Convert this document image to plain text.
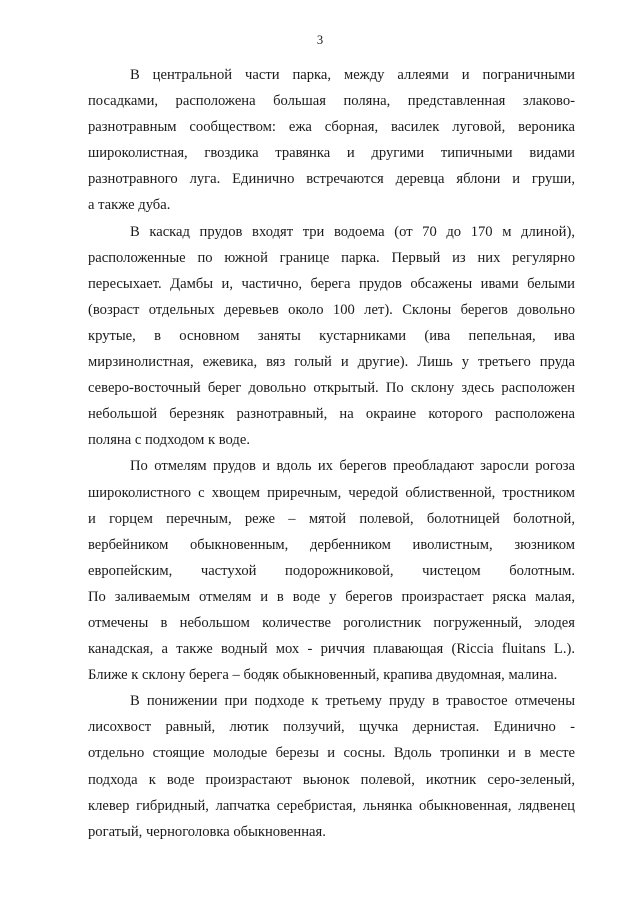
3
В центральной части парка, между аллеями и пограничными
посадками, расположена большая поляна, представленная злаково-
разнотравным сообществом: ежа сборная, василек луговой, вероника
широколистная, гвоздика травянка и другими типичными видами
разнотравного луга. Единично встречаются деревца яблони и груши,
а также дуба.
В каскад прудов входят три водоема (от 70 до 170 м длиной),
расположенные по южной границе парка. Первый из них регулярно
пересыхает. Дамбы и, частично, берега прудов обсажены ивами белыми
(возраст отдельных деревьев около 100 лет). Склоны берегов довольно
крутые, в основном заняты кустарниками (ива пепельная, ива
мирзинолистная, ежевика, вяз голый и другие). Лишь у третьего пруда
северо-восточный берег довольно открытый. По склону здесь расположен
небольшой березняк разнотравный, на окраине которого расположена
поляна с подходом к воде.
По отмелям прудов и вдоль их берегов преобладают заросли рогоза
широколистного с хвощем приречным, чередой облиственной, тростником
и горцем перечным, реже – мятой полевой, болотницей болотной,
вербейником обыкновенным, дербенником иволистным, зюзником
европейским, частухой подорожниковой, чистецом болотным.
По заливаемым отмелям и в воде у берегов произрастает ряска малая,
отмечены в небольшом количестве роголистник погруженный, элодея
канадская, а также водный мох - риччия плавающая (Riccia fluitans L.).
Ближе к склону берега – бодяк обыкновенный, крапива двудомная, малина.
В понижении при подходе к третьему пруду в травостое отмечены
лисохвост равный, лютик ползучий, щучка дернистая. Единично -
отдельно стоящие молодые березы и сосны. Вдоль тропинки и в месте
подхода к воде произрастают вьюнок полевой, икотник серо-зеленый,
клевер гибридный, лапчатка серебристая, льнянка обыкновенная, лядвенец
рогатый, черноголовка обыкновенная.
